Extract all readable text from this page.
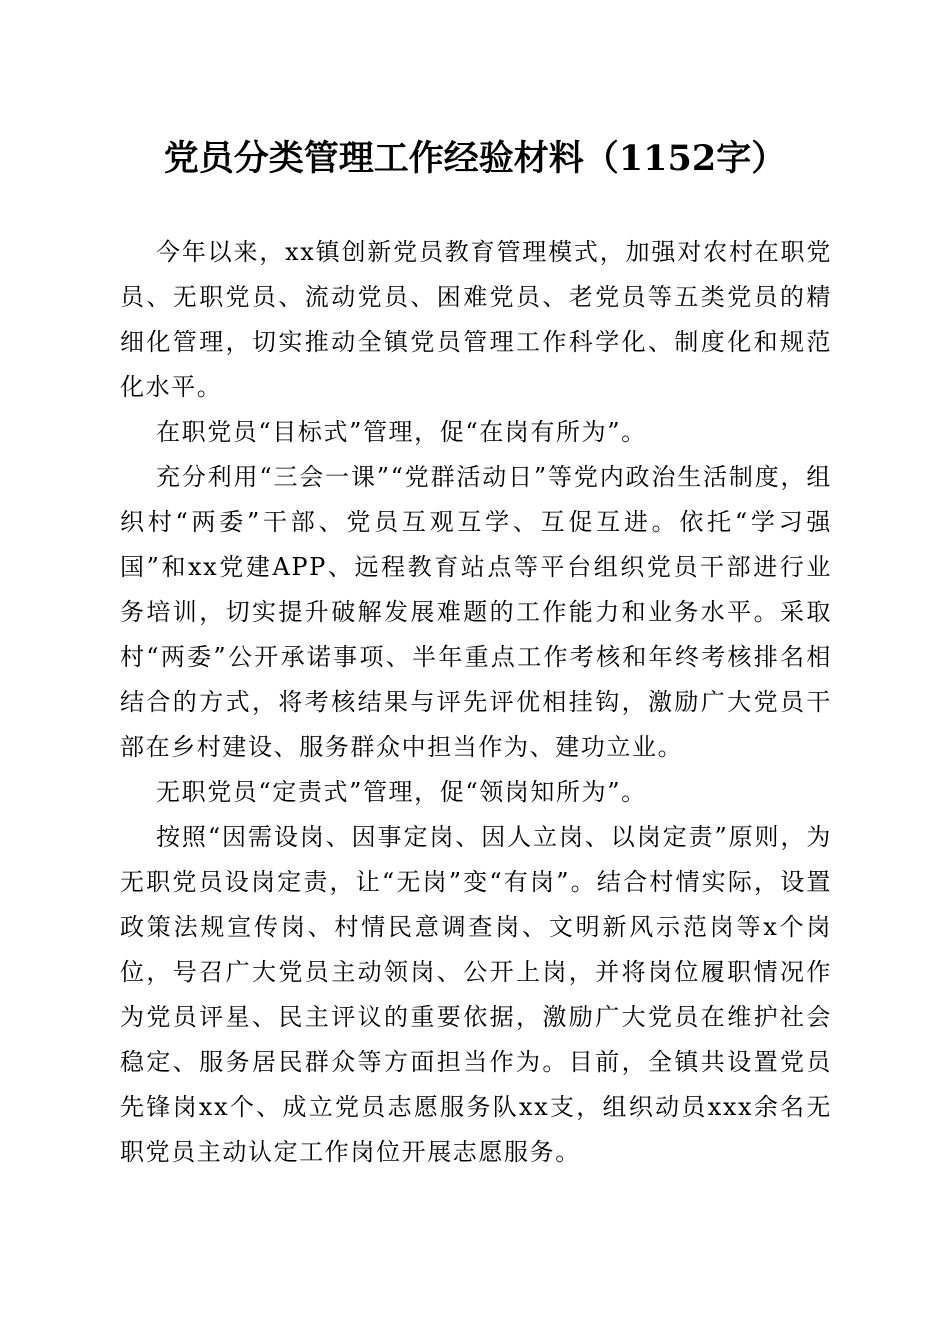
党员分类管理工作经验材料（1152字）

今年以来，xx镇创新党员教育管理模式，加强对农村在职党员、无职党员、流动党员、困难党员、老党员等五类党员的精细化管理，切实推动全镇党员管理工作科学化、制度化和规范化水平。

在职党员“目标式”管理，促“在岗有所为”。

充分利用“三会一课”“党群活动日”等党内政治生活制度，组织村“两委”干部、党员互观互学、互促互进。依托“学习强国”和xx党建APP、远程教育站点等平台组织党员干部进行业务培训，切实提升破解发展难题的工作能力和业务水平。采取村“两委”公开承诺事项、半年重点工作考核和年终考核排名相结合的方式，将考核结果与评先评优相挂钩，激励广大党员干部在乡村建设、服务群众中担当作为、建功立业。

无职党员“定责式”管理，促“领岗知所为”。

按照“因需设岗、因事定岗、因人立岗、以岗定责”原则，为无职党员设岗定责，让“无岗”变“有岗”。结合村情实际，设置政策法规宣传岗、村情民意调查岗、文明新风示范岗等x个岗位，号召广大党员主动领岗、公开上岗，并将岗位履职情况作为党员评星、民主评议的重要依据，激励广大党员在维护社会稳定、服务居民群众等方面担当作为。目前，全镇共设置党员先锋岗xx个、成立党员志愿服务队xx支，组织动员xxx余名无职党员主动认定工作岗位开展志愿服务。
